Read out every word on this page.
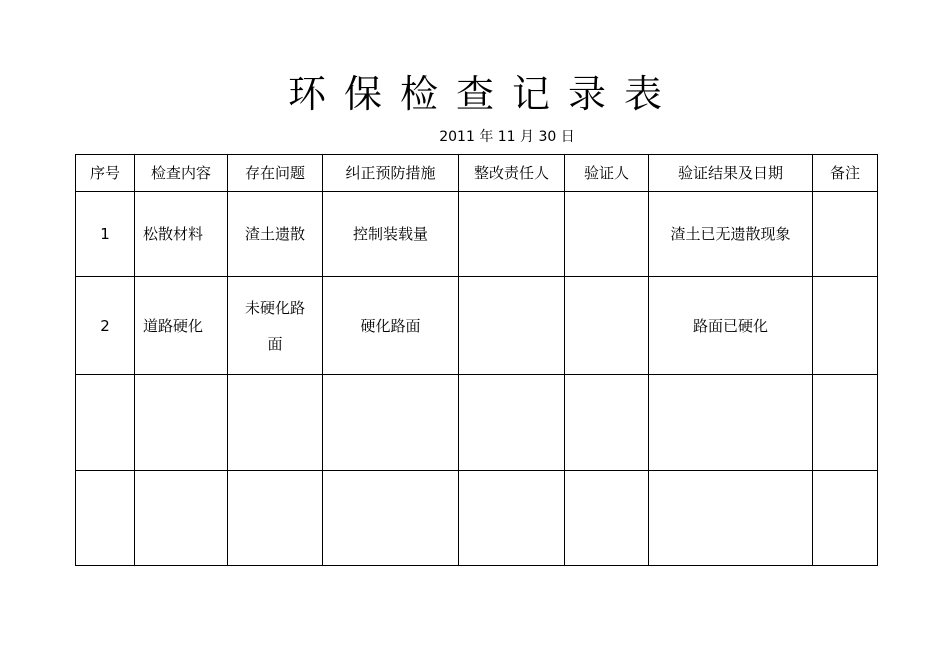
环保检查记录表
2011 年 11 月 30 日
序号	检查内容	存在问题	纠正预防措施	整改责任人	验证人	验证结果及日期	备注
1	松散材料	渣土遗散	控制装载量			渣土已无遗散现象	
2	道路硬化	未硬化路面	硬化路面			路面已硬化	
